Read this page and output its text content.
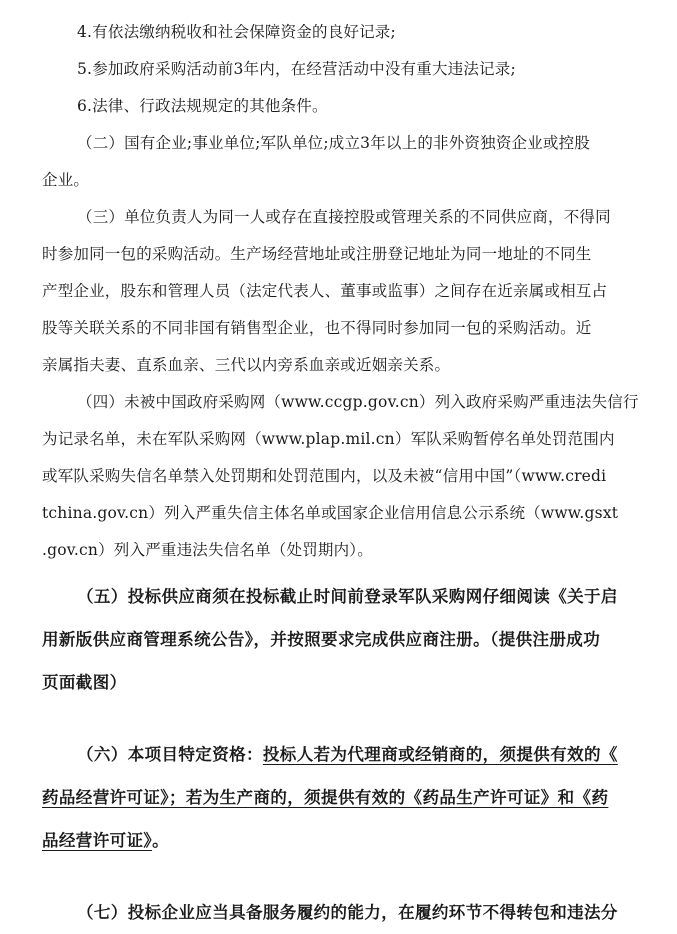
4.有依法缴纳税收和社会保障资金的良好记录;

5.参加政府采购活动前3年内，在经营活动中没有重大违法记录;

6.法律、行政法规规定的其他条件。

（二）国有企业;事业单位;军队单位;成立3年以上的非外资独资企业或控股

企业。

（三）单位负责人为同一人或存在直接控股或管理关系的不同供应商，不得同

时参加同一包的采购活动。生产场经营地址或注册登记地址为同一地址的不同生

产型企业，股东和管理人员（法定代表人、董事或监事）之间存在近亲属或相互占

股等关联关系的不同非国有销售型企业，也不得同时参加同一包的采购活动。近

亲属指夫妻、直系血亲、三代以内旁系血亲或近姻亲关系。

（四）未被中国政府采购网（www.ccgp.gov.cn）列入政府采购严重违法失信行

为记录名单，未在军队采购网（www.plap.mil.cn）军队采购暂停名单处罚范围内

或军队采购失信名单禁入处罚期和处罚范围内，以及未被“信用中国”（www.credi

tchina.gov.cn）列入严重失信主体名单或国家企业信用信息公示系统（www.gsxt

.gov.cn）列入严重违法失信名单（处罚期内）。

（五）投标供应商须在投标截止时间前登录军队采购网仔细阅读《关于启

用新版供应商管理系统公告》，并按照要求完成供应商注册。（提供注册成功

页面截图）

（六）本项目特定资格：投标人若为代理商或经销商的，须提供有效的《

药品经营许可证》；若为生产商的，须提供有效的《药品生产许可证》和《药

品经营许可证》。

（七）投标企业应当具备服务履约的能力，在履约环节不得转包和违法分
